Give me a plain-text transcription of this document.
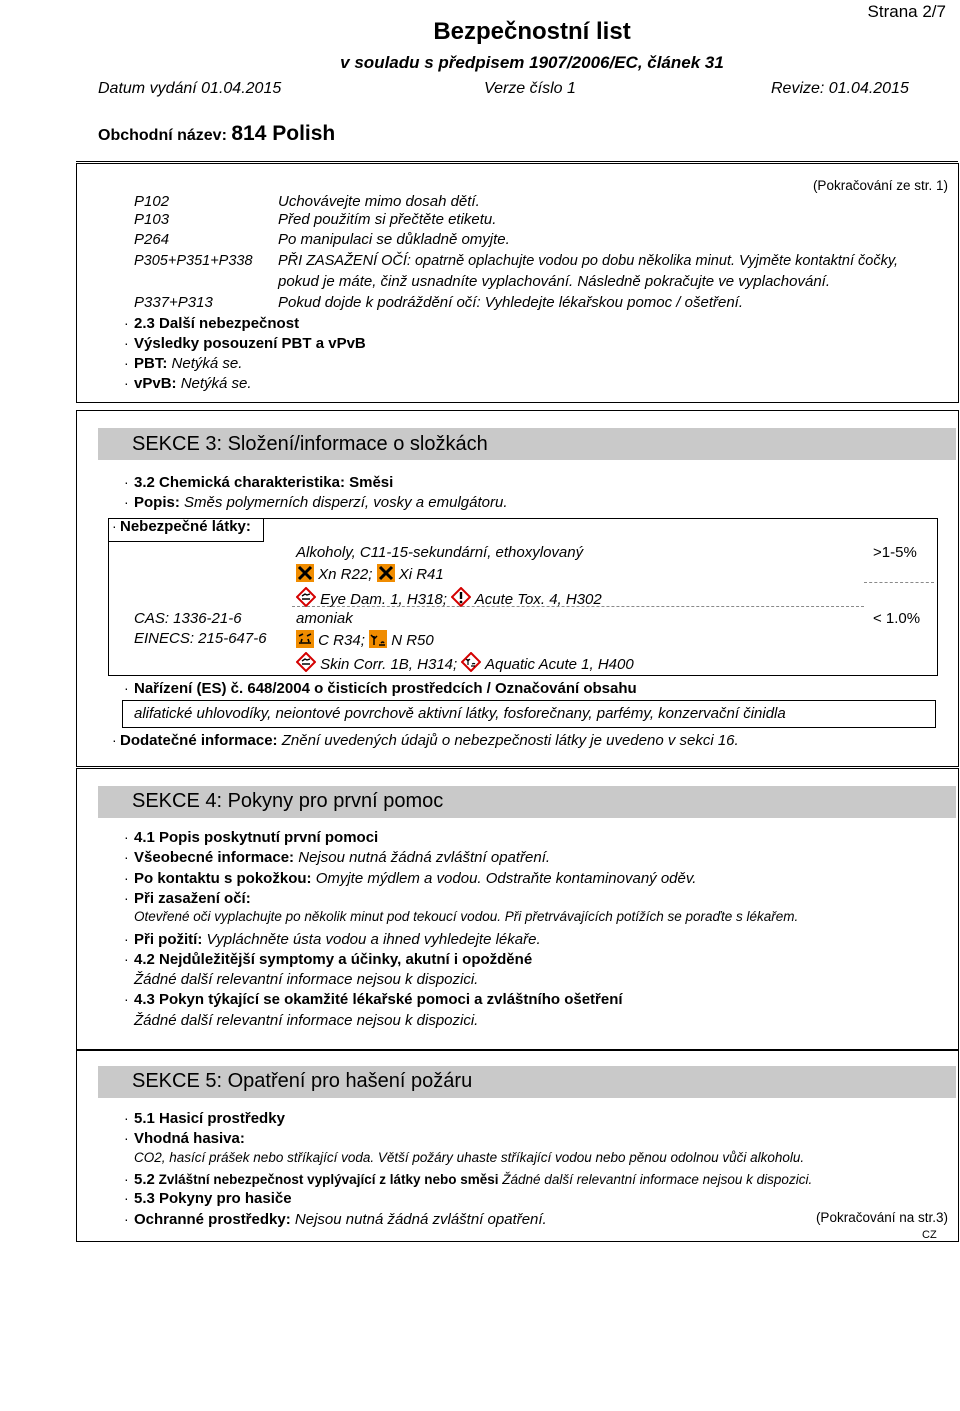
Strana 2/7
Bezpečnostní list
v souladu s předpisem 1907/2006/EC, článek 31
Datum vydání 01.04.2015	Verze číslo 1	Revize: 01.04.2015
Obchodní název: 814 Polish
(Pokračování ze str. 1)
P102	Uchovávejte mimo dosah dětí.
P103	Před použitím si přečtěte etiketu.
P264	Po manipulaci se důkladně omyjte.
P305+P351+P338 PŘI ZASAŽENÍ OČÍ: opatrně oplachujte vodou po dobu několika minut. Vyjměte kontaktní čočky,
pokud je máte, činž usnadníte vyplachování. Následně pokračujte ve vyplachování.
P337+P313	Pokud dojde k podráždění očí: Vyhledejte lékařskou pomoc / ošetření.
· 2.3 Další nebezpečnost
· Výsledky posouzení PBT a vPvB
· PBT: Netýká se.
· vPvB: Netýká se.
SEKCE 3: Složení/informace o složkách
· 3.2 Chemická charakteristika: Směsi
· Popis: Směs polymerních disperzí, vosky a emulgátoru.
· Nebezpečné látky:
Alkoholy, C11-15-sekundární, ethoxylovaný	>1-5%
Xn R22; Xi R41
Eye Dam. 1, H318; Acute Tox. 4, H302
CAS: 1336-21-6
EINECS: 215-647-6
amoniak	< 1.0%
C R34; N R50
Skin Corr. 1B, H314; Aquatic Acute 1, H400
· Nařízení (ES) č. 648/2004 o čisticích prostředcích / Označování obsahu
alifatické uhlovodíky, neiontové povrchově aktivní látky, fosforečnany, parfémy, konzervační činidla
· Dodatečné informace: Znění uvedených údajů o nebezpečnosti látky je uvedeno v sekci 16.
SEKCE 4: Pokyny pro první pomoc
· 4.1 Popis poskytnutí první pomoci
· Všeobecné informace: Nejsou nutná žádná zvláštní opatření.
· Po kontaktu s pokožkou: Omyjte mýdlem a vodou. Odstraňte kontaminovaný oděv.
· Při zasažení očí:
Otevřené oči vyplachujte po několik minut pod tekoucí vodou. Při přetrvávajících potížích se poraďte s lékařem.
· Při požití: Vypláchněte ústa vodou a ihned vyhledejte lékaře.
· 4.2 Nejdůležitější symptomy a účinky, akutní i opožděné
Žádné další relevantní informace nejsou k dispozici.
· 4.3 Pokyn týkající se okamžité lékařské pomoci a zvláštního ošetření
Žádné další relevantní informace nejsou k dispozici.
SEKCE 5: Opatření pro hašení požáru
· 5.1 Hasicí prostředky
· Vhodná hasiva:
CO2, hasící prášek nebo stříkající voda. Větší požáry uhaste stříkající vodou nebo pěnou odolnou vůči alkoholu.
· 5.2 Zvláštní nebezpečnost vyplývající z látky nebo směsi Žádné další relevantní informace nejsou k dispozici.
· 5.3 Pokyny pro hasiče
· Ochranné prostředky: Nejsou nutná žádná zvláštní opatření.	(Pokračování na str.3)
CZ
